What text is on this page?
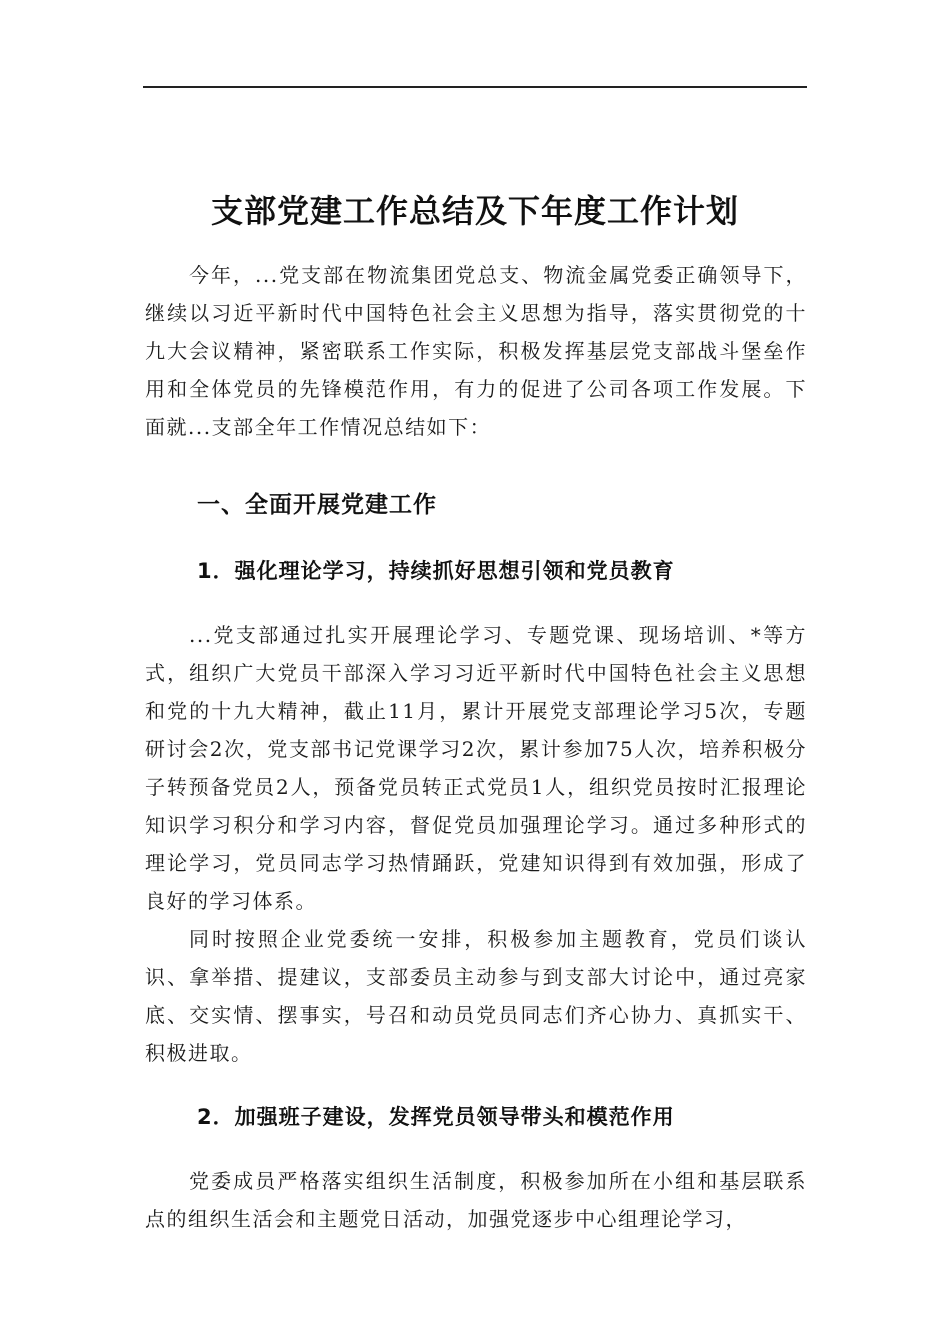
支部党建工作总结及下年度工作计划

今年，...党支部在物流集团党总支、物流金属党委正确领导下，继续以习近平新时代中国特色社会主义思想为指导，落实贯彻党的十九大会议精神，紧密联系工作实际，积极发挥基层党支部战斗堡垒作用和全体党员的先锋模范作用，有力的促进了公司各项工作发展。下面就...支部全年工作情况总结如下：

一、全面开展党建工作
1．强化理论学习，持续抓好思想引领和党员教育

...党支部通过扎实开展理论学习、专题党课、现场培训、*等方式，组织广大党员干部深入学习习近平新时代中国特色社会主义思想和党的十九大精神，截止11月，累计开展党支部理论学习5次，专题研讨会2次，党支部书记党课学习2次，累计参加75人次，培养积极分子转预备党员2人，预备党员转正式党员1人，组织党员按时汇报理论知识学习积分和学习内容，督促党员加强理论学习。通过多种形式的理论学习，党员同志学习热情踊跃，党建知识得到有效加强，形成了良好的学习体系。

同时按照企业党委统一安排，积极参加主题教育，党员们谈认识、拿举措、提建议，支部委员主动参与到支部大讨论中，通过亮家底、交实情、摆事实，号召和动员党员同志们齐心协力、真抓实干、积极进取。

2．加强班子建设，发挥党员领导带头和模范作用

党委成员严格落实组织生活制度，积极参加所在小组和基层联系点的组织生活会和主题党日活动，加强党逐步中心组理论学习，
